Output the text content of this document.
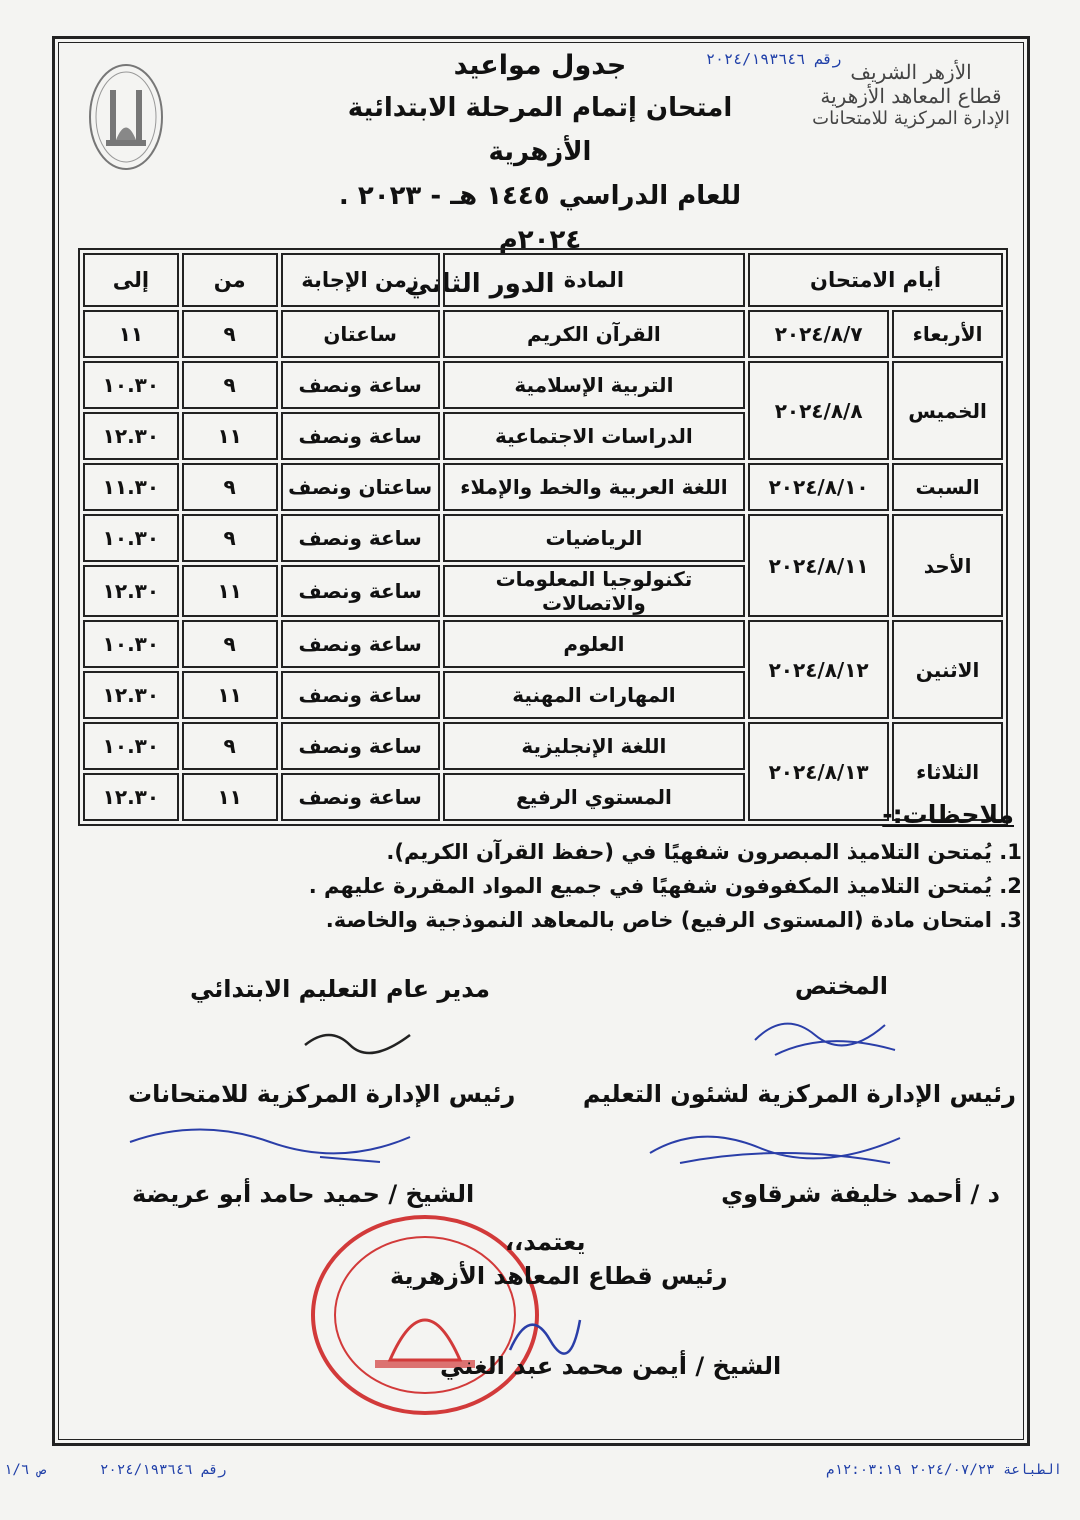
الأزهر الشريف
قطاع المعاهد الأزهرية
الإدارة المركزية للامتحانات
رقم ٢٠٢٤/١٩٣٦٤٦
جدول مواعيد
امتحان إتمام المرحلة الابتدائية الأزهرية
للعام الدراسي ١٤٤٥ هـ - ٢٠٢٣ . ٢٠٢٤م
الدور الثاني	أيام الامتحان		المادة	زمن الإجابة	من	إلى
الأربعاء	٢٠٢٤/٨/٧	القرآن الكريم	ساعتان	٩	١١
الخميس	٢٠٢٤/٨/٨	التربية الإسلامية	ساعة ونصف	٩	١٠.٣٠
		الدراسات الاجتماعية	ساعة ونصف	١١	١٢.٣٠
السبت	٢٠٢٤/٨/١٠	اللغة العربية والخط والإملاء	ساعتان ونصف	٩	١١.٣٠
الأحد	٢٠٢٤/٨/١١	الرياضيات	ساعة ونصف	٩	١٠.٣٠
		تكنولوجيا المعلومات والاتصالات	ساعة ونصف	١١	١٢.٣٠
الاثنين	٢٠٢٤/٨/١٢	العلوم	ساعة ونصف	٩	١٠.٣٠
		المهارات المهنية	ساعة ونصف	١١	١٢.٣٠
الثلاثاء	٢٠٢٤/٨/١٣	اللغة الإنجليزية	ساعة ونصف	٩	١٠.٣٠
		المستوي الرفيع	ساعة ونصف	١١	١٢.٣٠
ملاحظات:-
1. يُمتحن التلاميذ المبصرون شفهيًا في (حفظ القرآن الكريم).
2. يُمتحن التلاميذ المكفوفون شفهيًا في جميع المواد المقررة عليهم .
3. امتحان مادة (المستوى الرفيع) خاص بالمعاهد النموذجية والخاصة.
المختص
مدير عام التعليم الابتدائي
رئيس الإدارة المركزية لشئون التعليم
رئيس الإدارة المركزية للامتحانات
د / أحمد خليفة شرقاوي
الشيخ / حميد حامد أبو عريضة
يعتمد،،
رئيس قطاع المعاهد الأزهرية
الشيخ / أيمن محمد عبد الغني
ص ١/٦	رقم ٢٠٢٤/١٩٣٦٤٦	الطباعة ٢٠٢٤/٠٧/٢٣ ١٢:٠٣:١٩م
